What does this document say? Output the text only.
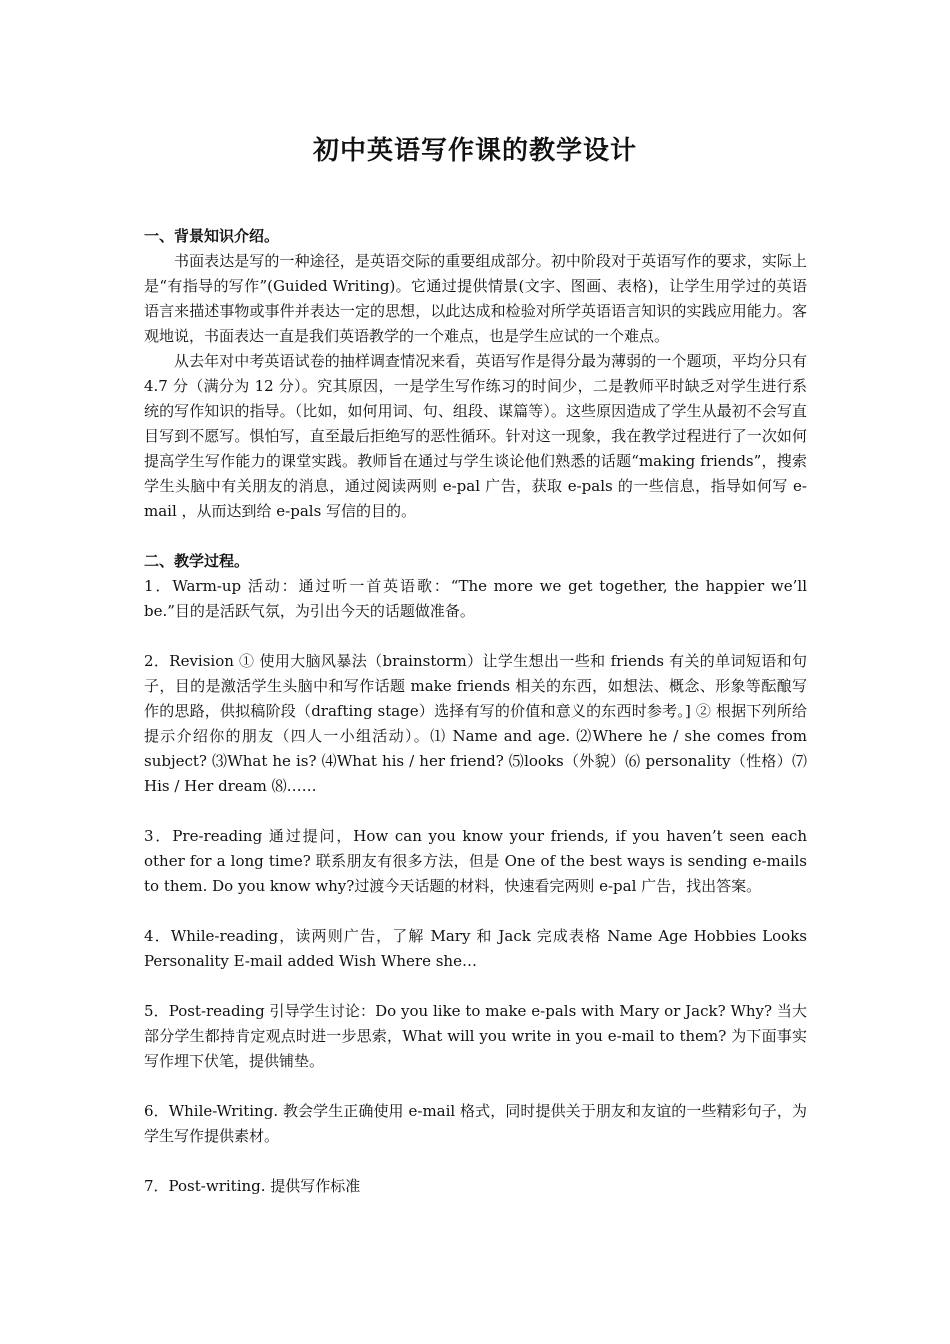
初中英语写作课的教学设计

一、背景知识介绍。

书面表达是写的一种途径，是英语交际的重要组成部分。初中阶段对于英语写作的要求，实际上是“有指导的写作”(Guided Writing)。它通过提供情景(文字、图画、表格)，让学生用学过的英语语言来描述事物或事件并表达一定的思想，以此达成和检验对所学英语语言知识的实践应用能力。客观地说，书面表达一直是我们英语教学的一个难点，也是学生应试的一个难点。

从去年对中考英语试卷的抽样调查情况来看，英语写作是得分最为薄弱的一个题项，平均分只有 4.7 分（满分为 12 分）。究其原因，一是学生写作练习的时间少，二是教师平时缺乏对学生进行系统的写作知识的指导。（比如，如何用词、句、组段、谋篇等）。这些原因造成了学生从最初不会写直目写到不愿写。惧怕写，直至最后拒绝写的恶性循环。针对这一现象，我在教学过程进行了一次如何提高学生写作能力的课堂实践。教师旨在通过与学生谈论他们熟悉的话题“making friends”，搜索学生头脑中有关朋友的消息，通过阅读两则 e-pal 广告，获取 e-pals 的一些信息，指导如何写 e-mail ，从而达到给 e-pals 写信的目的。

二、教学过程。

1．Warm-up 活动：通过听一首英语歌：“The more we get together, the happier we’ll be.”目的是活跃气氛，为引出今天的话题做准备。

2．Revision ① 使用大脑风暴法（brainstorm）让学生想出一些和 friends 有关的单词短语和句子，目的是激活学生头脑中和写作话题 make friends 相关的东西，如想法、概念、形象等酝酿写作的思路，供拟稿阶段（drafting stage）选择有写的价值和意义的东西时参考。] ② 根据下列所给提示介绍你的朋友（四人一小组活动）。⑴ Name and age. ⑵Where he / she comes from subject? ⑶What he is? ⑷What his / her friend? ⑸looks（外貌）⑹ personality（性格）⑺ His / Her dream ⑻……

3．Pre-reading 通过提问，How can you know your friends, if you haven’t seen each other for a long time? 联系朋友有很多方法，但是 One of the best ways is sending e-mails to them. Do you know why?过渡今天话题的材料，快速看完两则 e-pal 广告，找出答案。

4．While-reading，读两则广告，了解 Mary 和 Jack 完成表格 Name Age Hobbies Looks Personality E-mail added Wish Where she…

5．Post-reading 引导学生讨论：Do you like to make e-pals with Mary or Jack? Why? 当大部分学生都持肯定观点时进一步思索，What will you write in you e-mail to them? 为下面事实写作埋下伏笔，提供铺垫。

6．While-Writing. 教会学生正确使用 e-mail 格式，同时提供关于朋友和友谊的一些精彩句子，为学生写作提供素材。

7．Post-writing. 提供写作标准
